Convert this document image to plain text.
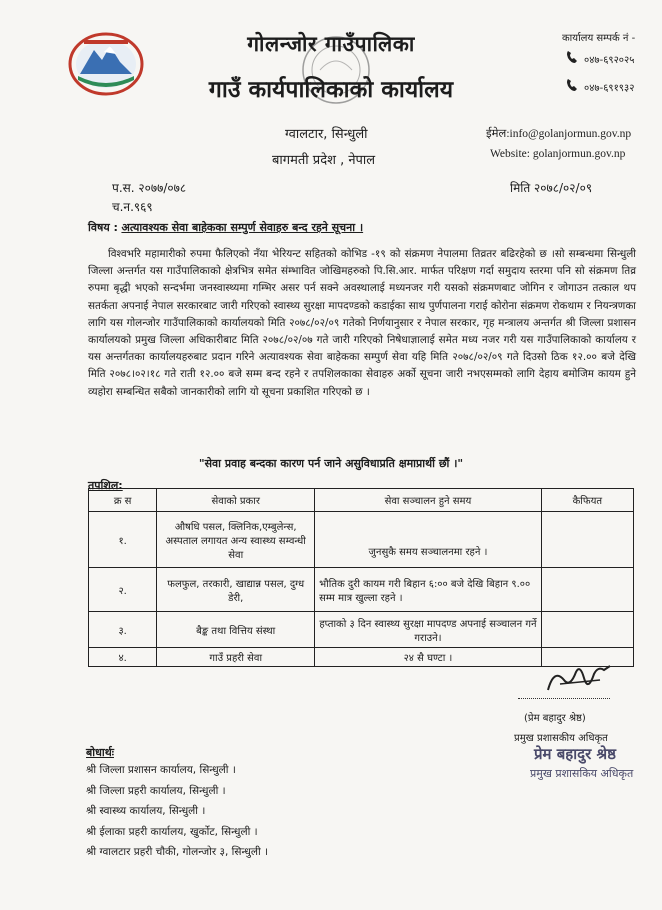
गोलन्जोर गाउँपालिका
गाउँ कार्यपालिकाको कार्यालय
ग्वालटार, सिन्धुली
बागमती प्रदेश , नेपाल
कार्यालय सम्पर्क नं -
०४७-६९२०२५
०४७-६९१९३२
ईमेल:info@golanjormun.gov.np
Website: golanjormun.gov.np
प.स. २०७७/०७८
च.न.९६९
मिति २०७८/०२/०९
विषय : अत्यावश्यक सेवा बाहेकका सम्पुर्ण सेवाहरु बन्द रहने सूचना ।

विश्वभरि महामारीको रुपमा फैलिएको नँया भेरियन्ट सहितको कोभिड -१९ को संक्रमण नेपालमा तिव्रतर बढिरहेको छ ।सो सम्बन्धमा सिन्धुली जिल्ला अन्तर्गत यस गाउँपालिकाको क्षेत्रभित्र समेत संम्भावित जोखिमहरुको पि.सि.आर. मार्फत परिक्षण गर्दा समुदाय स्तरमा पनि सो संक्रमण तिव्र रुपमा बृद्धी भएको सन्दर्भमा जनस्वास्थ्यमा गम्भिर असर पर्न सक्ने अवस्थालाई मध्यनजर गरी यसको संक्रमणबाट जोगिन र जोगाउन तत्काल थप सतर्कता अपनाई नेपाल सरकारबाट जारी गरिएको स्वास्थ्य सुरक्षा मापदण्डको कडाईका साथ पुर्णपालना गराई कोरोना संक्रमण रोकथाम र नियन्त्रणका लागि यस गोलन्जोर गाउँपालिकाको कार्यालयको मिति २०७८/०२/०९ गतेको निर्णयानुसार र नेपाल सरकार, गृह मन्त्रालय अन्तर्गत श्री जिल्ला प्रशासन कार्यालयको प्रमुख जिल्ला अधिकारीबाट मिति २०७८/०२/०७ गते जारी गरिएको निषेधाज्ञालाई समेत मध्य नजर गरी यस गाउँपालिकाको कार्यालय र यस अन्तर्गतका कार्यालयहरुबाट प्रदान गरिने अत्यावश्यक सेवा बाहेकका सम्पुर्ण सेवा यहि मिति २०७८/०२/०९ गते दिउसो ठिक १२.०० बजे देखि मिति २०७८।०२।१८ गते राती १२.०० बजे सम्म बन्द रहने र तपशिलकाका सेवाहरु अर्को सूचना जारी नभएसम्मको लागि देहाय बमोजिम कायम हुने व्यहोरा सम्बन्धित सबैको जानकारीको लागि यो सूचना प्रकाशित गरिएको छ ।

"सेवा प्रवाह बन्दका कारण पर्न जाने असुविधाप्रति क्षमाप्रार्थी छौं ।"
तपशिल:
क्र स	सेवाको प्रकार	सेवा सञ्चालन हुने समय	कैफियत
१.	औषधि पसल, क्लिनिक,एम्बुलेन्स, अस्पताल लगायत अन्य स्वास्थ्य सम्वन्धी सेवा	जुनसुकै समय सञ्चालनमा रहने ।	
२.	फलफुल, तरकारी, खाद्यान्न पसल, दुग्ध डेरी,	भौतिक दुरी कायम गरी बिहान ६:०० बजे देखि बिहान ९.०० सम्म मात्र खुल्ला रहने ।	
३.	बैङ्क तथा वित्तिय संस्था	हप्ताको ३ दिन स्वास्थ्य सुरक्षा मापदण्ड अपनाई सञ्चालन गर्ने गराउने।	
४.	गाउँ प्रहरी सेवा	२४ सै घण्टा ।	
(प्रेम बहादुर श्रेष्ठ)
प्रमुख प्रशासकीय अधिकृत
प्रेम बहादुर श्रेष्ठ
प्रमुख प्रशासकिय अधिकृत
बोधार्थः
श्री जिल्ला प्रशासन कार्यालय, सिन्धुली ।
श्री जिल्ला प्रहरी कार्यालय, सिन्धुली ।
श्री स्वास्थ्य कार्यालय, सिन्धुली ।
श्री ईलाका प्रहरी कार्यालय, खुर्कोट, सिन्धुली ।
श्री ग्वालटार प्रहरी चौकी, गोलन्जोर ३, सिन्धुली ।
